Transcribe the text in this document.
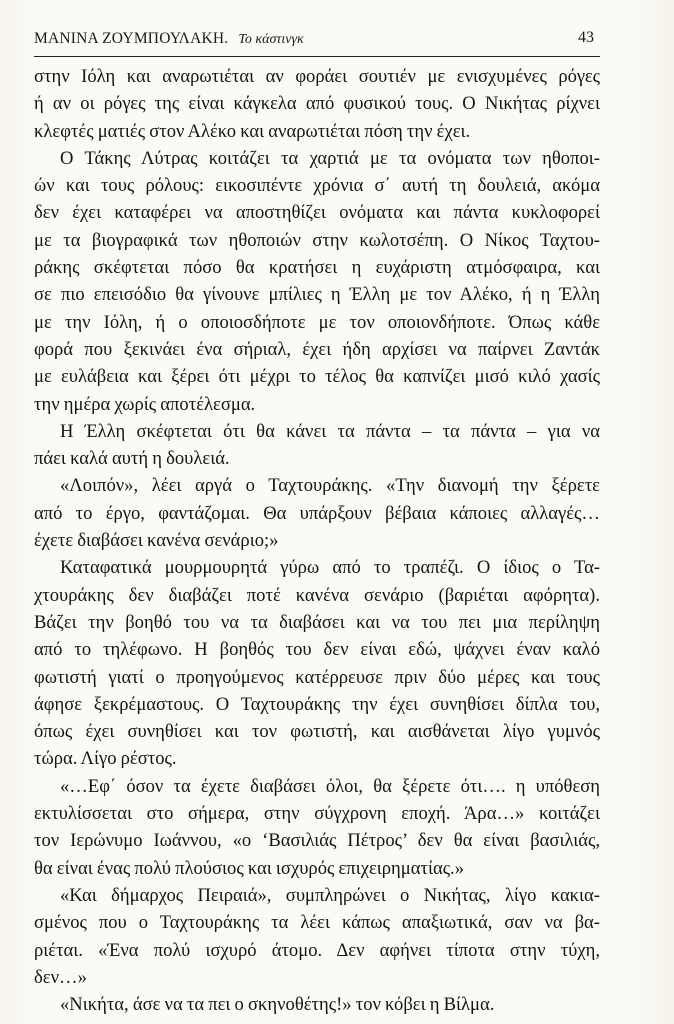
ΜΑΝΙΝΑ ΖΟΥΜΠΟΥΛΑΚΗ. Το κάστινγκ	43

στην Ιόλη και αναρωτιέται αν φοράει σουτιέν με ενισχυμένες ρόγες
ή αν οι ρόγες της είναι κάγκελα από φυσικού τους. Ο Νικήτας ρίχνει
κλεφτές ματιές στον Αλέκο και αναρωτιέται πόση την έχει.

Ο Τάκης Λύτρας κοιτάζει τα χαρτιά με τα ονόματα των ηθοποι-
ών και τους ρόλους: εικοσιπέντε χρόνια σ΄ αυτή τη δουλειά, ακόμα
δεν έχει καταφέρει να αποστηθίζει ονόματα και πάντα κυκλοφορεί
με τα βιογραφικά των ηθοποιών στην κωλοτσέπη. Ο Νίκος Ταχτου-
ράκης σκέφτεται πόσο θα κρατήσει η ευχάριστη ατμόσφαιρα, και
σε πιο επεισόδιο θα γίνουνε μπίλιες η Έλλη με τον Αλέκο, ή η Έλλη
με την Ιόλη, ή ο οποιοσδήποτε με τον οποιονδήποτε. Όπως κάθε
φορά που ξεκινάει ένα σήριαλ, έχει ήδη αρχίσει να παίρνει Ζαντάκ
με ευλάβεια και ξέρει ότι μέχρι το τέλος θα καπνίζει μισό κιλό χασίς
την ημέρα χωρίς αποτέλεσμα.

Η Έλλη σκέφτεται ότι θα κάνει τα πάντα – τα πάντα – για να
πάει καλά αυτή η δουλειά.

«Λοιπόν», λέει αργά ο Ταχτουράκης. «Την διανομή την ξέρετε
από το έργο, φαντάζομαι. Θα υπάρξουν βέβαια κάποιες αλλαγές…
έχετε διαβάσει κανένα σενάριο;»

Καταφατικά μουρμουρητά γύρω από το τραπέζι. Ο ίδιος ο Τα-
χτουράκης δεν διαβάζει ποτέ κανένα σενάριο (βαριέται αφόρητα).
Βάζει την βοηθό του να τα διαβάσει και να του πει μια περίληψη
από το τηλέφωνο. Η βοηθός του δεν είναι εδώ, ψάχνει έναν καλό
φωτιστή γιατί ο προηγούμενος κατέρρευσε πριν δύο μέρες και τους
άφησε ξεκρέμαστους. Ο Ταχτουράκης την έχει συνηθίσει δίπλα του,
όπως έχει συνηθίσει και τον φωτιστή, και αισθάνεται λίγο γυμνός
τώρα. Λίγο ρέστος.

«…Εφ΄ όσον τα έχετε διαβάσει όλοι, θα ξέρετε ότι…. η υπόθεση
εκτυλίσσεται στο σήμερα, στην σύγχρονη εποχή. Άρα…» κοιτάζει
τον Ιερώνυμο Ιωάννου, «ο ‘Βασιλιάς Πέτρος’ δεν θα είναι βασιλιάς,
θα είναι ένας πολύ πλούσιος και ισχυρός επιχειρηματίας.»

«Και δήμαρχος Πειραιά», συμπληρώνει ο Νικήτας, λίγο κακια-
σμένος που ο Ταχτουράκης τα λέει κάπως απαξιωτικά, σαν να βα-
ριέται. «Ένα πολύ ισχυρό άτομο. Δεν αφήνει τίποτα στην τύχη,
δεν…»

«Νικήτα, άσε να τα πει ο σκηνοθέτης!» τον κόβει η Βίλμα.
